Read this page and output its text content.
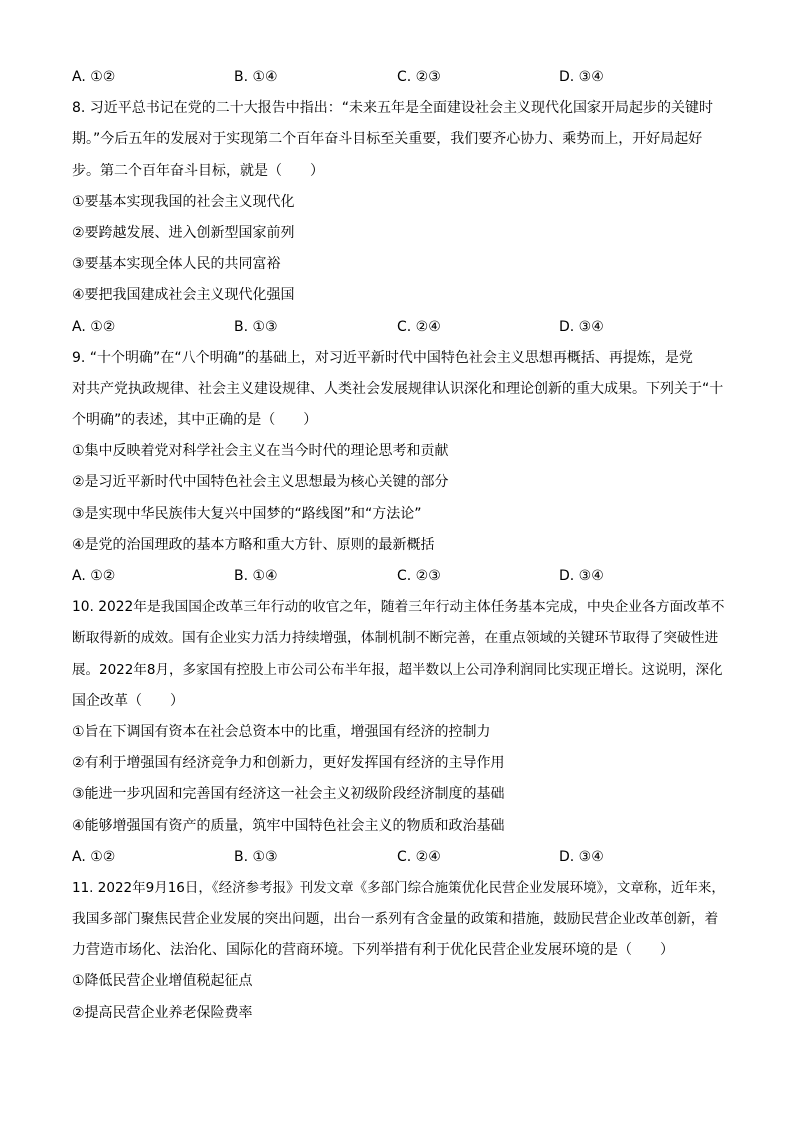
A. ①②	B. ①④	C. ②③	D. ③④
8. 习近平总书记在党的二十大报告中指出：“未来五年是全面建设社会主义现代化国家开局起步的关键时
期。”今后五年的发展对于实现第二个百年奋斗目标至关重要，我们要齐心协力、乘势而上，开好局起好
步。第二个百年奋斗目标，就是（　　）
①要基本实现我国的社会主义现代化
②要跨越发展、进入创新型国家前列
③要基本实现全体人民的共同富裕
④要把我国建成社会主义现代化强国
A. ①②	B. ①③	C. ②④	D. ③④
9. “十个明确”在“八个明确”的基础上，对习近平新时代中国特色社会主义思想再概括、再提炼，是党
对共产党执政规律、社会主义建设规律、人类社会发展规律认识深化和理论创新的重大成果。下列关于“十
个明确”的表述，其中正确的是（　　）
①集中反映着党对科学社会主义在当今时代的理论思考和贡献
②是习近平新时代中国特色社会主义思想最为核心关键的部分
③是实现中华民族伟大复兴中国梦的“路线图”和“方法论”
④是党的治国理政的基本方略和重大方针、原则的最新概括
A. ①②	B. ①④	C. ②③	D. ③④
10. 2022年是我国国企改革三年行动的收官之年，随着三年行动主体任务基本完成，中央企业各方面改革不
断取得新的成效。国有企业实力活力持续增强，体制机制不断完善，在重点领域的关键环节取得了突破性进
展。2022年8月，多家国有控股上市公司公布半年报，超半数以上公司净利润同比实现正增长。这说明，深化
国企改革（　　）
①旨在下调国有资本在社会总资本中的比重，增强国有经济的控制力
②有利于增强国有经济竞争力和创新力，更好发挥国有经济的主导作用
③能进一步巩固和完善国有经济这一社会主义初级阶段经济制度的基础
④能够增强国有资产的质量，筑牢中国特色社会主义的物质和政治基础
A. ①②	B. ①③	C. ②④	D. ③④
11. 2022年9月16日，《经济参考报》刊发文章《多部门综合施策优化民营企业发展环境》，文章称，近年来，
我国多部门聚焦民营企业发展的突出问题，出台一系列有含金量的政策和措施，鼓励民营企业改革创新，着
力营造市场化、法治化、国际化的营商环境。下列举措有利于优化民营企业发展环境的是（　　）
①降低民营企业增值税起征点
②提高民营企业养老保险费率
